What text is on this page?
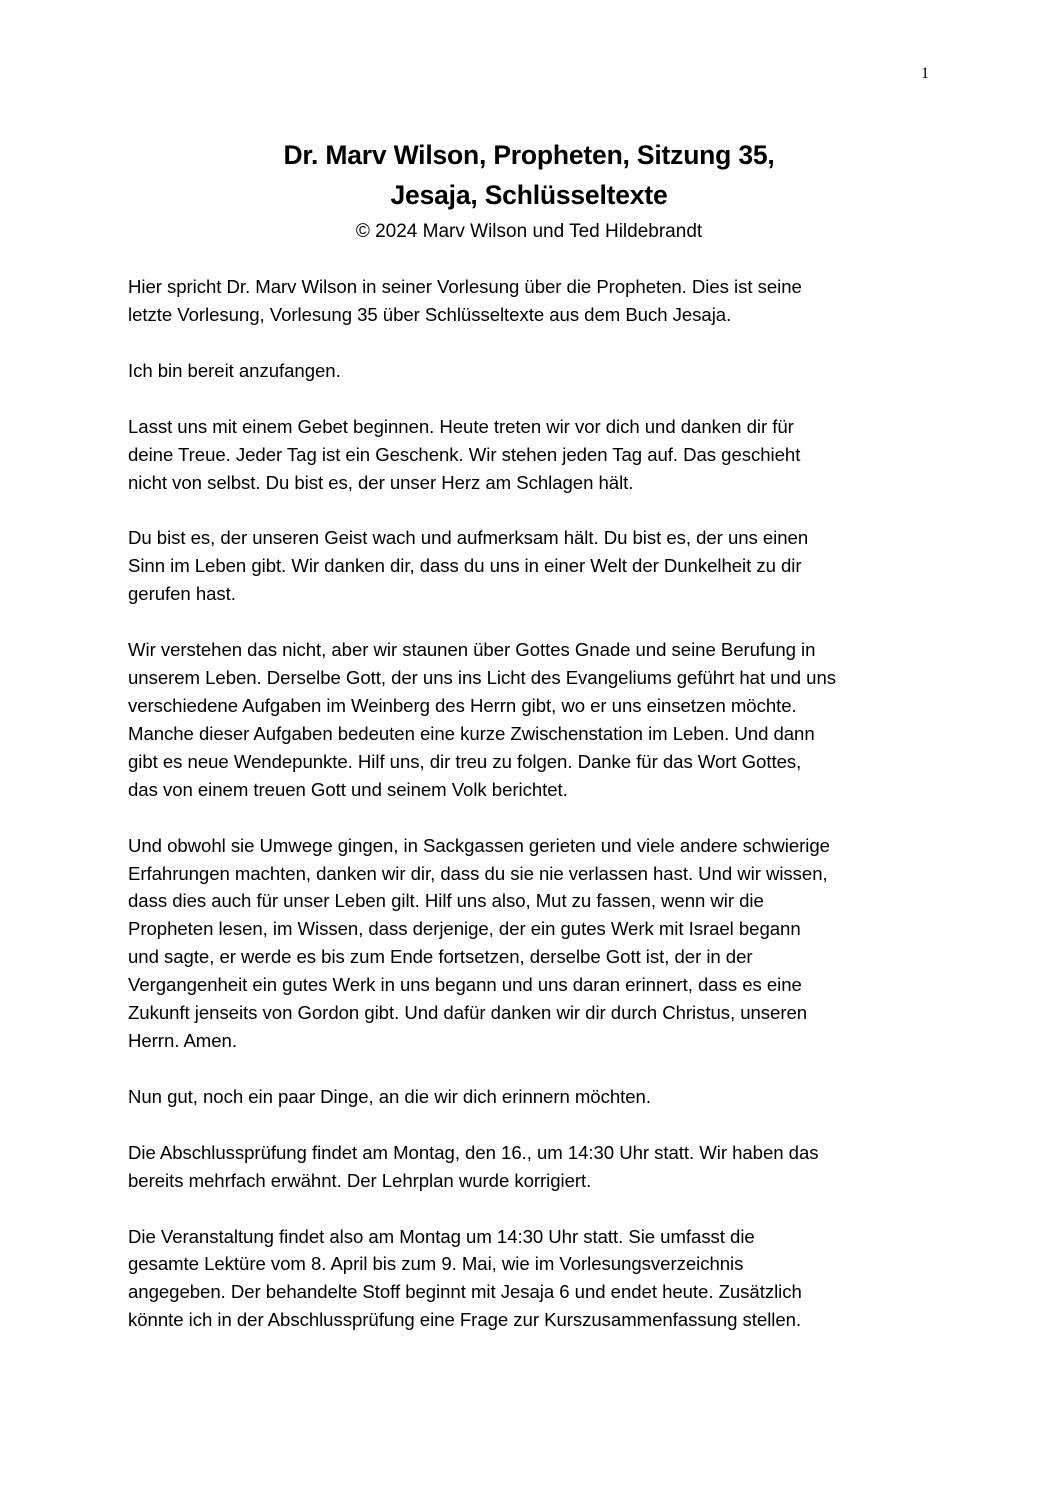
1
Dr. Marv Wilson, Propheten, Sitzung 35,
Jesaja, Schlüsseltexte
© 2024 Marv Wilson und Ted Hildebrandt

Hier spricht Dr. Marv Wilson in seiner Vorlesung über die Propheten. Dies ist seine
letzte Vorlesung, Vorlesung 35 über Schlüsseltexte aus dem Buch Jesaja.

Ich bin bereit anzufangen.

Lasst uns mit einem Gebet beginnen. Heute treten wir vor dich und danken dir für
deine Treue. Jeder Tag ist ein Geschenk. Wir stehen jeden Tag auf. Das geschieht
nicht von selbst. Du bist es, der unser Herz am Schlagen hält.

Du bist es, der unseren Geist wach und aufmerksam hält. Du bist es, der uns einen
Sinn im Leben gibt. Wir danken dir, dass du uns in einer Welt der Dunkelheit zu dir
gerufen hast.

Wir verstehen das nicht, aber wir staunen über Gottes Gnade und seine Berufung in
unserem Leben. Derselbe Gott, der uns ins Licht des Evangeliums geführt hat und uns
verschiedene Aufgaben im Weinberg des Herrn gibt, wo er uns einsetzen möchte.
Manche dieser Aufgaben bedeuten eine kurze Zwischenstation im Leben. Und dann
gibt es neue Wendepunkte. Hilf uns, dir treu zu folgen. Danke für das Wort Gottes,
das von einem treuen Gott und seinem Volk berichtet.

Und obwohl sie Umwege gingen, in Sackgassen gerieten und viele andere schwierige
Erfahrungen machten, danken wir dir, dass du sie nie verlassen hast. Und wir wissen,
dass dies auch für unser Leben gilt. Hilf uns also, Mut zu fassen, wenn wir die
Propheten lesen, im Wissen, dass derjenige, der ein gutes Werk mit Israel begann
und sagte, er werde es bis zum Ende fortsetzen, derselbe Gott ist, der in der
Vergangenheit ein gutes Werk in uns begann und uns daran erinnert, dass es eine
Zukunft jenseits von Gordon gibt. Und dafür danken wir dir durch Christus, unseren
Herrn. Amen.

Nun gut, noch ein paar Dinge, an die wir dich erinnern möchten.

Die Abschlussprüfung findet am Montag, den 16., um 14:30 Uhr statt. Wir haben das
bereits mehrfach erwähnt. Der Lehrplan wurde korrigiert.

Die Veranstaltung findet also am Montag um 14:30 Uhr statt. Sie umfasst die
gesamte Lektüre vom 8. April bis zum 9. Mai, wie im Vorlesungsverzeichnis
angegeben. Der behandelte Stoff beginnt mit Jesaja 6 und endet heute. Zusätzlich
könnte ich in der Abschlussprüfung eine Frage zur Kurszusammenfassung stellen.
